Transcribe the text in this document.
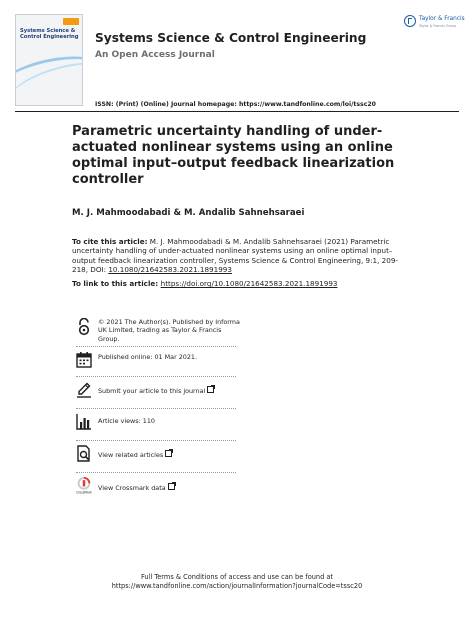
Systems Science & Control Engineering Systems Science & Control Engineering
An Open Access Journal
Taylor & Francis
Taylor & Francis Group
ISSN: (Print) (Online) Journal homepage: https://www.tandfonline.com/loi/tssc20
Parametric uncertainty handling of under-actuated nonlinear systems using an online optimal input–output feedback linearization controller
M. J. Mahmoodabadi & M. Andalib Sahnehsaraei
To cite this article: M. J. Mahmoodabadi & M. Andalib Sahnehsaraei (2021) Parametric uncertainty handling of under-actuated nonlinear systems using an online optimal input–output feedback linearization controller, Systems Science & Control Engineering, 9:1, 209-218, DOI: 10.1080/21642583.2021.1891993
To link to this article: https://doi.org/10.1080/21642583.2021.1891993
© 2021 The Author(s). Published by Informa UK Limited, trading as Taylor & Francis Group.
Published online: 01 Mar 2021.
Submit your article to this journal
Article views: 110
View related articles
CrossMark
View Crossmark data
Full Terms & Conditions of access and use can be found at
https://www.tandfonline.com/action/journalInformation?journalCode=tssc20
